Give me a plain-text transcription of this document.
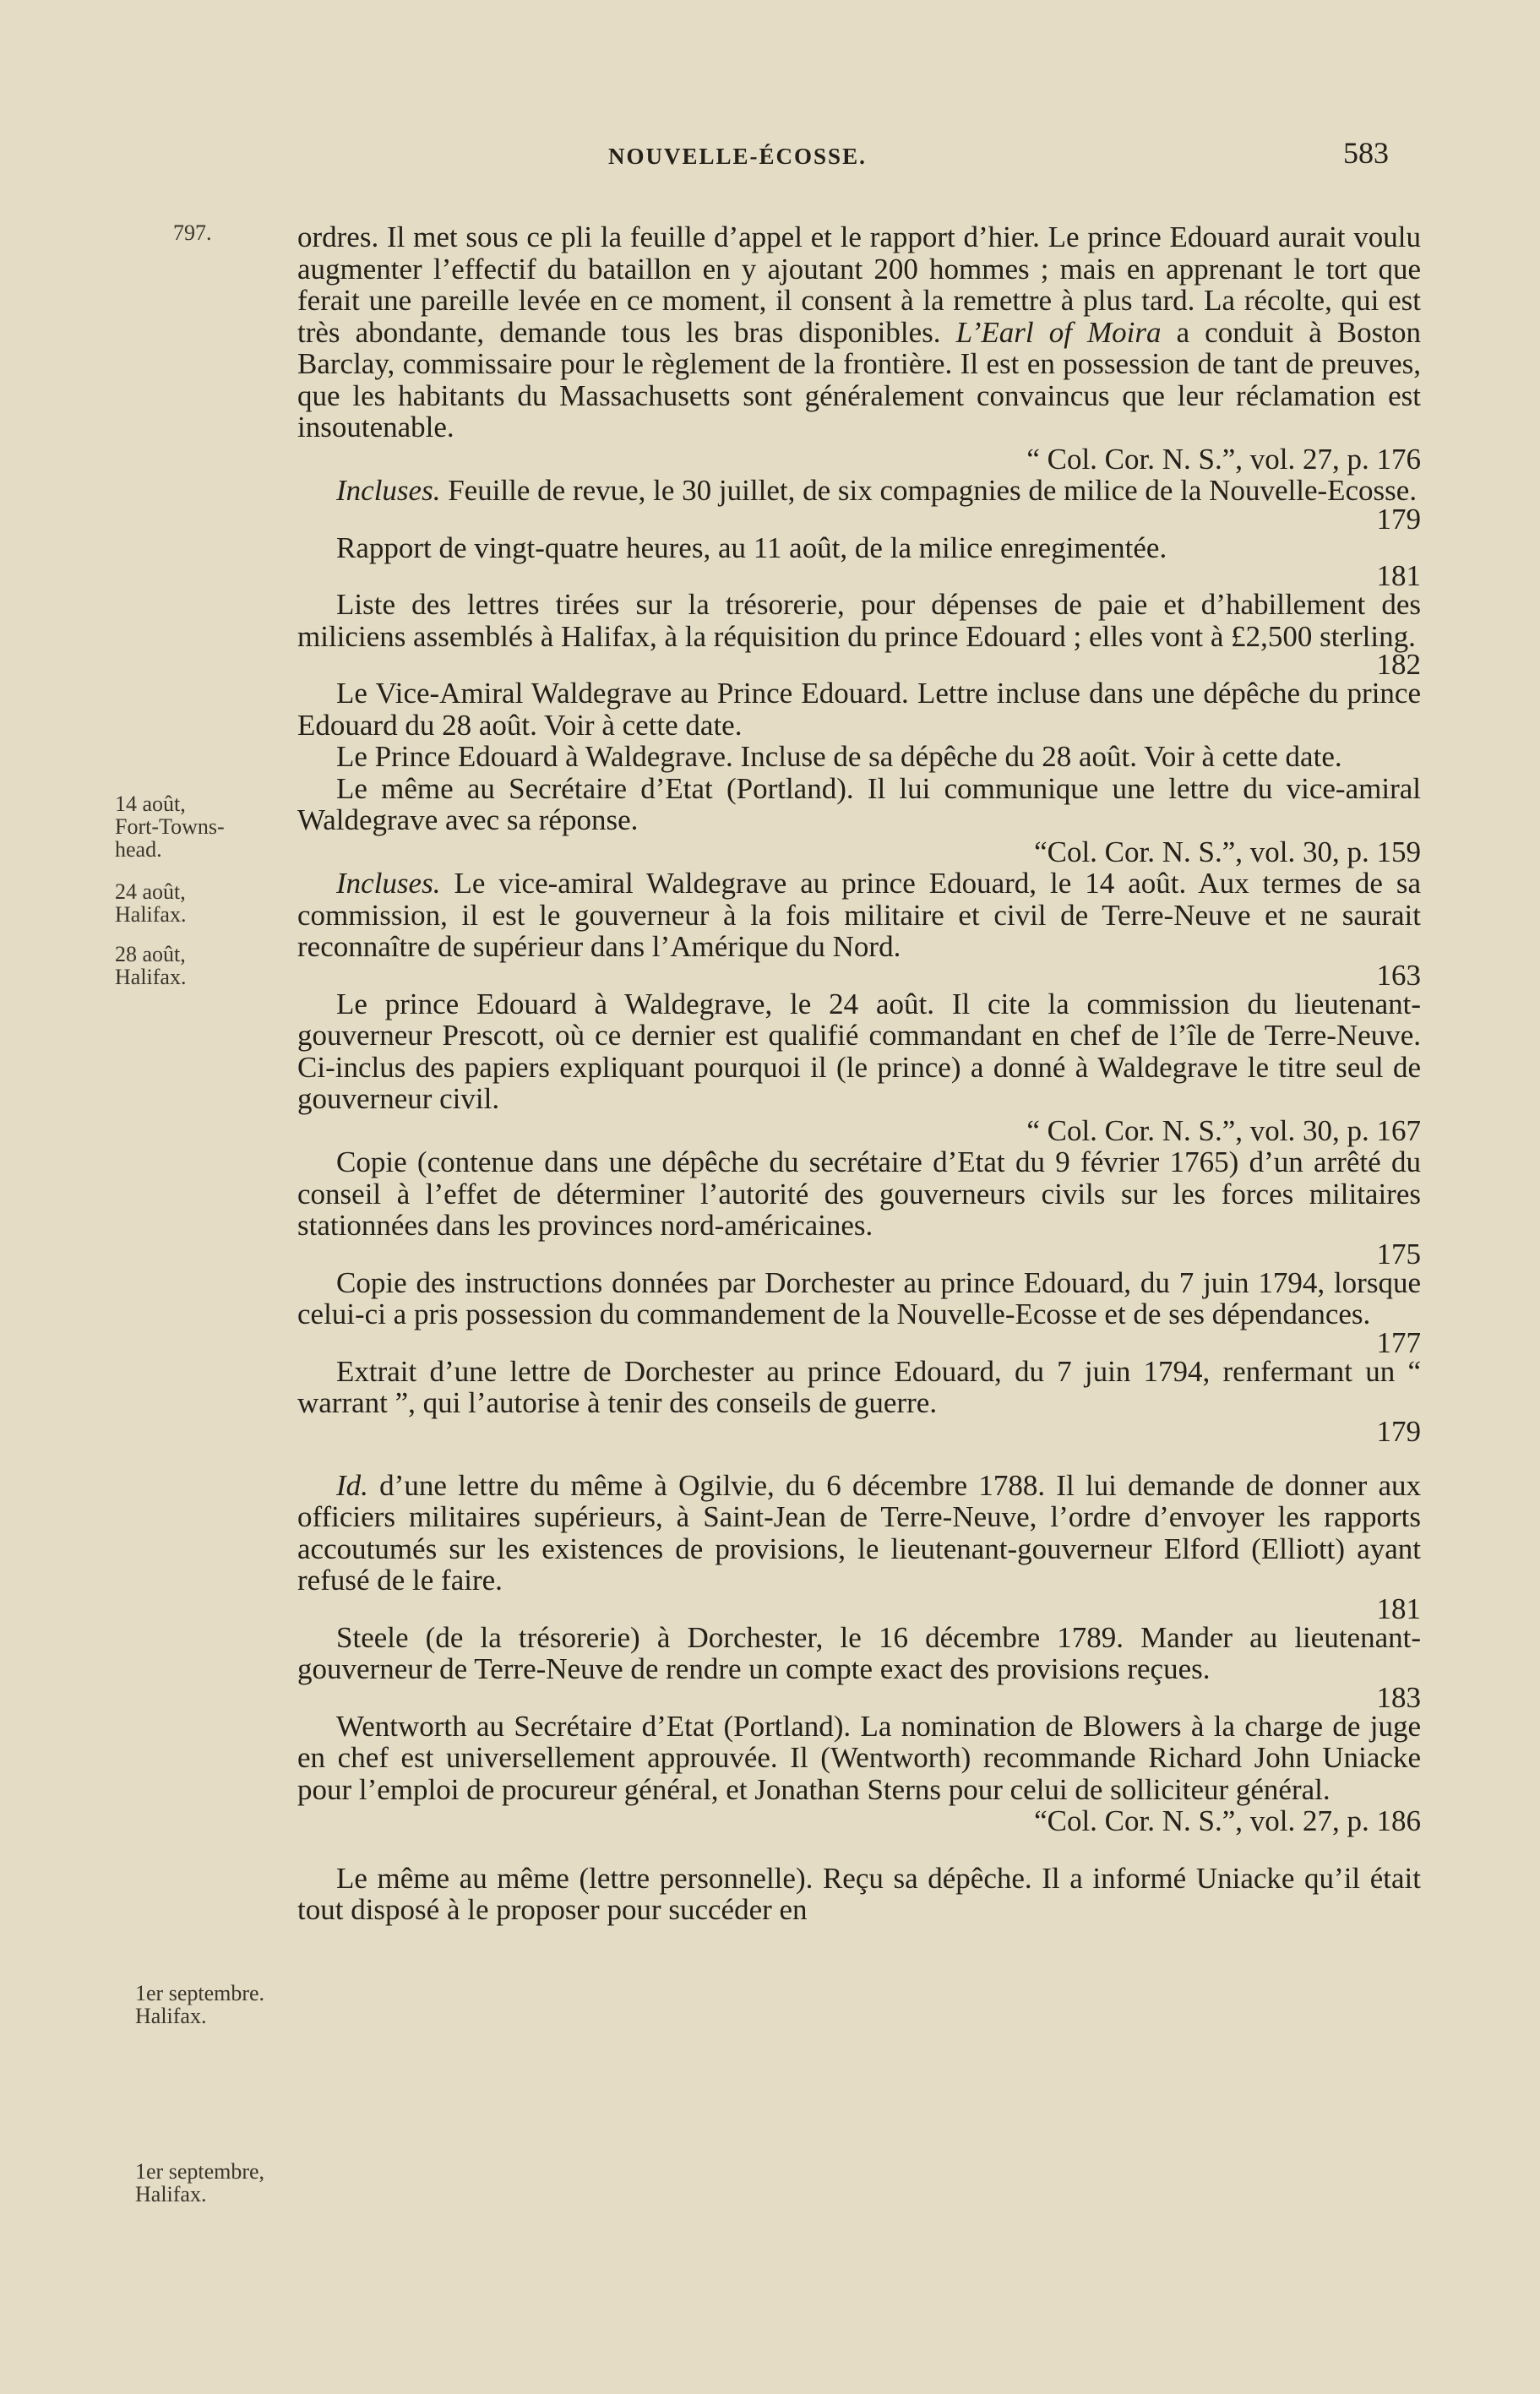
NOUVELLE-ÉCOSSE.	583
797.
14 août,
Fort-Towns-
head.
24 août,
Halifax.
28 août,
Halifax.
1er septembre.
Halifax.
1er septembre,
Halifax.

ordres. Il met sous ce pli la feuille d’appel et le rapport d’hier. Le prince Edouard aurait voulu augmenter l’effectif du bataillon en y ajoutant 200 hommes ; mais en apprenant le tort que ferait une pareille levée en ce moment, il consent à la remettre à plus tard. La récolte, qui est très abondante, demande tous les bras disponibles. L’Earl of Moira a conduit à Boston Barclay, commissaire pour le règlement de la frontière. Il est en possession de tant de preuves, que les habitants du Massachusetts sont généralement convaincus que leur réclamation est insoutenable.

“ Col. Cor. N. S.”, vol. 27, p. 176

Incluses. Feuille de revue, le 30 juillet, de six compagnies de milice de la Nouvelle-Ecosse.

179

Rapport de vingt-quatre heures, au 11 août, de la milice enregimentée.

181

Liste des lettres tirées sur la trésorerie, pour dépenses de paie et d’habillement des miliciens assemblés à Halifax, à la réquisition du prince Edouard ; elles vont à £2,500 sterling.

182

Le Vice-Amiral Waldegrave au Prince Edouard. Lettre incluse dans une dépêche du prince Edouard du 28 août. Voir à cette date.

Le Prince Edouard à Waldegrave. Incluse de sa dépêche du 28 août. Voir à cette date.

Le même au Secrétaire d’Etat (Portland). Il lui communique une lettre du vice-amiral Waldegrave avec sa réponse.

“Col. Cor. N. S.”, vol. 30, p. 159

Incluses. Le vice-amiral Waldegrave au prince Edouard, le 14 août. Aux termes de sa commission, il est le gouverneur à la fois militaire et civil de Terre-Neuve et ne saurait reconnaître de supérieur dans l’Amérique du Nord.

163

Le prince Edouard à Waldegrave, le 24 août. Il cite la commission du lieutenant-gouverneur Prescott, où ce dernier est qualifié commandant en chef de l’île de Terre-Neuve. Ci-inclus des papiers expliquant pourquoi il (le prince) a donné à Waldegrave le titre seul de gouverneur civil.

“ Col. Cor. N. S.”, vol. 30, p. 167

Copie (contenue dans une dépêche du secrétaire d’Etat du 9 février 1765) d’un arrêté du conseil à l’effet de déterminer l’autorité des gouverneurs civils sur les forces militaires stationnées dans les provinces nord-américaines.

175

Copie des instructions données par Dorchester au prince Edouard, du 7 juin 1794, lorsque celui-ci a pris possession du commandement de la Nouvelle-Ecosse et de ses dépendances.

177

Extrait d’une lettre de Dorchester au prince Edouard, du 7 juin 1794, renfermant un “ warrant ”, qui l’autorise à tenir des conseils de guerre.

179

Id. d’une lettre du même à Ogilvie, du 6 décembre 1788. Il lui demande de donner aux officiers militaires supérieurs, à Saint-Jean de Terre-Neuve, l’ordre d’envoyer les rapports accoutumés sur les existences de provisions, le lieutenant-gouverneur Elford (Elliott) ayant refusé de le faire.

181

Steele (de la trésorerie) à Dorchester, le 16 décembre 1789. Mander au lieutenant-gouverneur de Terre-Neuve de rendre un compte exact des provisions reçues.

183

Wentworth au Secrétaire d’Etat (Portland). La nomination de Blowers à la charge de juge en chef est universellement approuvée. Il (Wentworth) recommande Richard John Uniacke pour l’emploi de procureur général, et Jonathan Sterns pour celui de solliciteur général.

“Col. Cor. N. S.”, vol. 27, p. 186

Le même au même (lettre personnelle). Reçu sa dépêche. Il a informé Uniacke qu’il était tout disposé à le proposer pour succéder en
